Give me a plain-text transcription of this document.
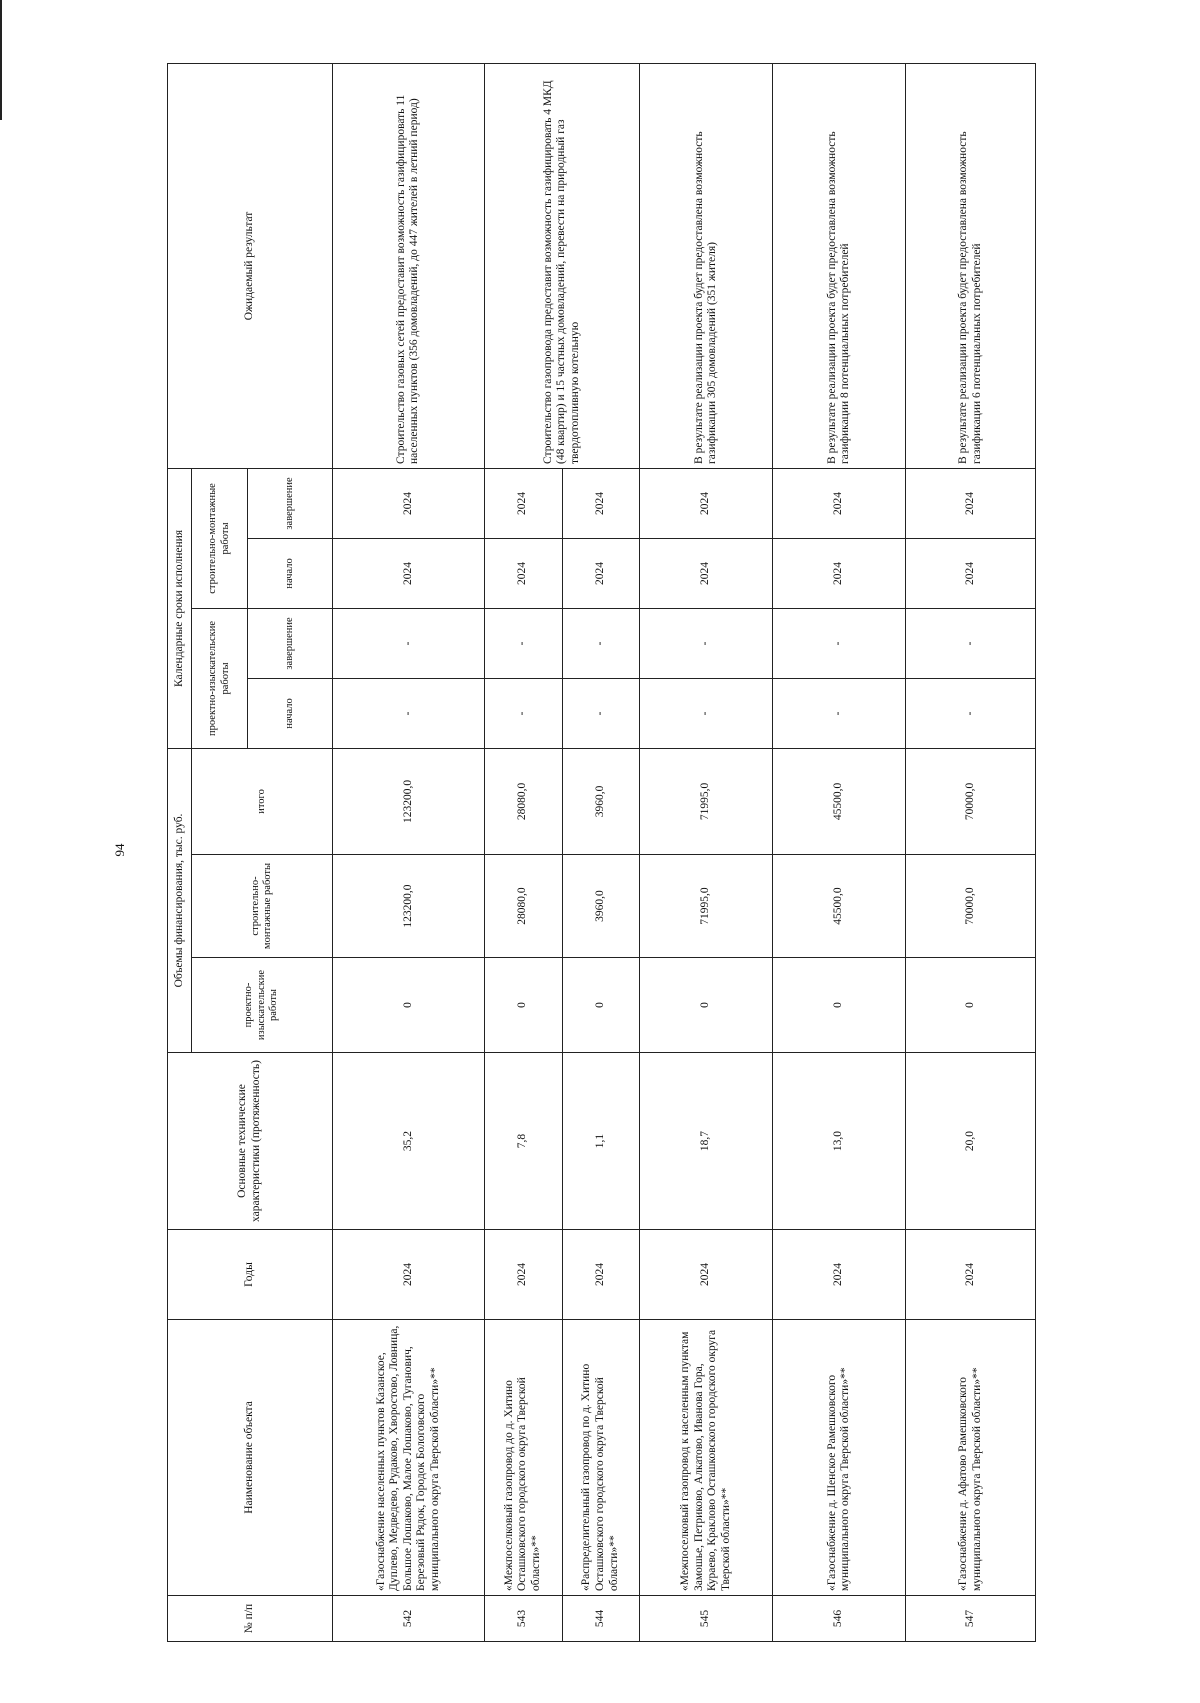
94
№ п/п	Наименование объекта	Годы	Основные технические характеристики (протяженность)	Объемы финансирования, тыс. руб.			Календарные сроки исполнения				Ожидаемый результат
				проектно-изыскательские работы	строительно-монтажные работы	итого	проектно-изыскательские работы		строительно-монтажные работы		
							начало	завершение	начало	завершение	
542	«Газоснабжение населенных пунктов Казанское, Дуплево, Медведево, Рудаково, Хворостово, Ловница, Большое Лошаково, Малое Лошаково, Туганович, Березовый Рядок, Городок Бологовского муниципального округа Тверской области»**	2024	35,2	0	123200,0	123200,0	-	-	2024	2024	Строительство газовых сетей предоставит возможность газифицировать 11 населенных пунктов (356 домовладений, до 447 жителей в летний период)
543	«Межпоселковый газопровод до д. Хитино Осташковского городского округа Тверской области»**	2024	7,8	0	28080,0	28080,0	-	-	2024	2024	Строительство газопровода предоставит возможность газифицировать 4 МКД (48 квартир) и 15 частных домовладений, перевести на природный газ твердотопливную котельную
544	«Распределительный газопровод по д. Хитино Осташковского городского округа Тверской области»**	2024	1,1	0	3960,0	3960,0	-	-	2024	2024	
545	«Межпоселковый газопровод к населенным пунктам Замошье, Петриково, Алкатово, Иванова Гора, Кураево, Краклово Осташковского городского округа Тверской области»**	2024	18,7	0	71995,0	71995,0	-	-	2024	2024	В результате реализации проекта будет предоставлена возможность газификации 305 домовладений (351 жителя)
546	«Газоснабжение д. Шенское Рамешковского муниципального округа Тверской области»**	2024	13,0	0	45500,0	45500,0	-	-	2024	2024	В результате реализации проекта будет предоставлена возможность газификации 8 потенциальных потребителей
547	«Газоснабжение д. Афатово Рамешковского муниципального округа Тверской области»**	2024	20,0	0	70000,0	70000,0	-	-	2024	2024	В результате реализации проекта будет предоставлена возможность газификации 6 потенциальных потребителей
